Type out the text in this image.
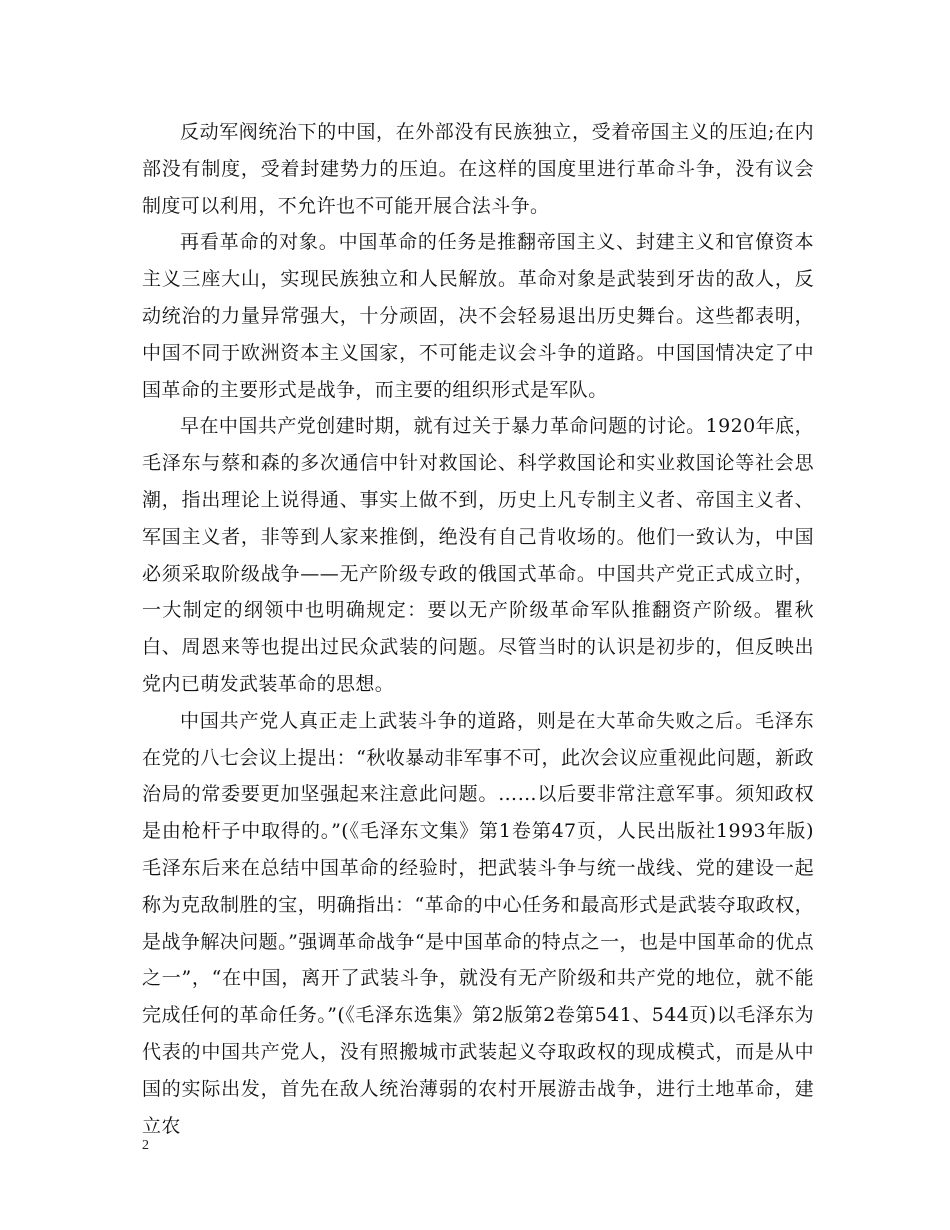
反动军阀统治下的中国，在外部没有民族独立，受着帝国主义的压迫;在内部没有制度，受着封建势力的压迫。在这样的国度里进行革命斗争，没有议会制度可以利用，不允许也不可能开展合法斗争。

再看革命的对象。中国革命的任务是推翻帝国主义、封建主义和官僚资本主义三座大山，实现民族独立和人民解放。革命对象是武装到牙齿的敌人，反动统治的力量异常强大，十分顽固，决不会轻易退出历史舞台。这些都表明，中国不同于欧洲资本主义国家，不可能走议会斗争的道路。中国国情决定了中国革命的主要形式是战争，而主要的组织形式是军队。

早在中国共产党创建时期，就有过关于暴力革命问题的讨论。1920年底，毛泽东与蔡和森的多次通信中针对救国论、科学救国论和实业救国论等社会思潮，指出理论上说得通、事实上做不到，历史上凡专制主义者、帝国主义者、军国主义者，非等到人家来推倒，绝没有自己肯收场的。他们一致认为，中国必须采取阶级战争——无产阶级专政的俄国式革命。中国共产党正式成立时，一大制定的纲领中也明确规定：要以无产阶级革命军队推翻资产阶级。瞿秋白、周恩来等也提出过民众武装的问题。尽管当时的认识是初步的，但反映出党内已萌发武装革命的思想。

中国共产党人真正走上武装斗争的道路，则是在大革命失败之后。毛泽东在党的八七会议上提出：“秋收暴动非军事不可，此次会议应重视此问题，新政治局的常委要更加坚强起来注意此问题。……以后要非常注意军事。须知政权是由枪杆子中取得的。”(《毛泽东文集》第1卷第47页，人民出版社1993年版)毛泽东后来在总结中国革命的经验时，把武装斗争与统一战线、党的建设一起称为克敌制胜的宝，明确指出：“革命的中心任务和最高形式是武装夺取政权，是战争解决问题。”强调革命战争“是中国革命的特点之一，也是中国革命的优点之一”，“在中国，离开了武装斗争，就没有无产阶级和共产党的地位，就不能完成任何的革命任务。”(《毛泽东选集》第2版第2卷第541、544页)以毛泽东为代表的中国共产党人，没有照搬城市武装起义夺取政权的现成模式，而是从中国的实际出发，首先在敌人统治薄弱的农村开展游击战争，进行土地革命，建立农

2
